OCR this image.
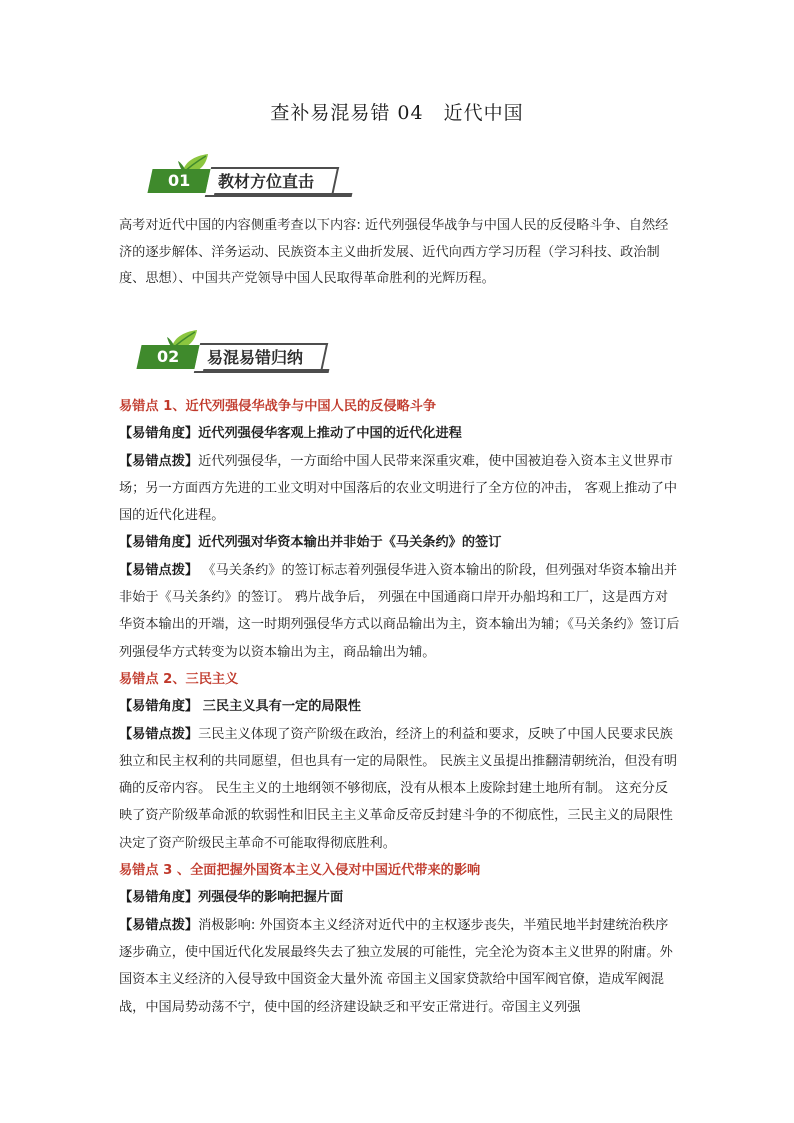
查补易混易错 04　近代中国
01	教材方位直击
高考对近代中国的内容侧重考查以下内容: 近代列强侵华战争与中国人民的反侵略斗争、自然经济的逐步解体、洋务运动、民族资本主义曲折发展、近代向西方学习历程（学习科技、政治制度、思想）、中国共产党领导中国人民取得革命胜利的光辉历程。
02	易混易错归纳

易错点 1、近代列强侵华战争与中国人民的反侵略斗争

【易错角度】近代列强侵华客观上推动了中国的近代化进程

【易错点拨】近代列强侵华，一方面给中国人民带来深重灾难，使中国被迫卷入资本主义世界市场；另一方面西方先进的工业文明对中国落后的农业文明进行了全方位的冲击， 客观上推动了中国的近代化进程。

【易错角度】近代列强对华资本输出并非始于《马关条约》的签订

【易错点拨】 《马关条约》的签订标志着列强侵华进入资本输出的阶段，但列强对华资本输出并非始于《马关条约》的签订。 鸦片战争后， 列强在中国通商口岸开办船坞和工厂，这是西方对华资本输出的开端，这一时期列强侵华方式以商品输出为主，资本输出为辅；《马关条约》签订后列强侵华方式转变为以资本输出为主，商品输出为辅。

易错点 2、三民主义

【易错角度】 三民主义具有一定的局限性

【易错点拨】三民主义体现了资产阶级在政治，经济上的利益和要求，反映了中国人民要求民族独立和民主权利的共同愿望，但也具有一定的局限性。 民族主义虽提出推翻清朝统治，但没有明确的反帝内容。 民生主义的土地纲领不够彻底，没有从根本上废除封建土地所有制。 这充分反映了资产阶级革命派的软弱性和旧民主主义革命反帝反封建斗争的不彻底性，三民主义的局限性决定了资产阶级民主革命不可能取得彻底胜利。

易错点 3 、全面把握外国资本主义入侵对中国近代带来的影响

【易错角度】列强侵华的影响把握片面

【易错点拨】消极影响: 外国资本主义经济对近代中的主权逐步丧失，半殖民地半封建统治秩序逐步确立，使中国近代化发展最终失去了独立发展的可能性，完全沦为资本主义世界的附庸。外国资本主义经济的入侵导致中国资金大量外流 帝国主义国家贷款给中国军阀官僚，造成军阀混战，中国局势动荡不宁，使中国的经济建设缺乏和平安正常进行。帝国主义列强
